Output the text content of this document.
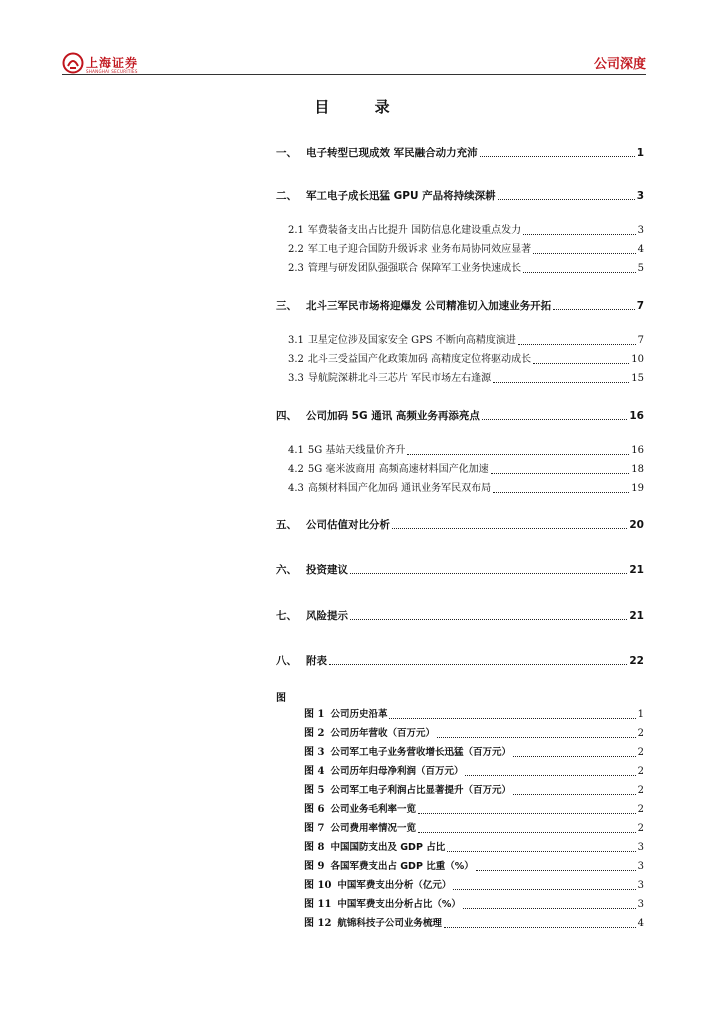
上海证券
SHANGHAI SECURITIES	公司深度
目 录
一、 电子转型已现成效 军民融合动力充沛	1
二、 军工电子成长迅猛 GPU 产品将持续深耕	3
2.1 军费装备支出占比提升 国防信息化建设重点发力	3
2.2 军工电子迎合国防升级诉求 业务布局协同效应显著	4
2.3 管理与研发团队强强联合 保障军工业务快速成长	5
三、 北斗三军民市场将迎爆发 公司精准切入加速业务开拓	7
3.1 卫星定位涉及国家安全 GPS 不断向高精度演进	7
3.2 北斗三受益国产化政策加码 高精度定位将驱动成长	10
3.3 导航院深耕北斗三芯片 军民市场左右逢源	15
四、 公司加码 5G 通讯 高频业务再添亮点	16
4.1 5G 基站天线量价齐升	16
4.2 5G 毫米波商用 高频高速材料国产化加速	18
4.3 高频材料国产化加码 通讯业务军民双布局	19
五、 公司估值对比分析	20
六、 投资建议	21
七、 风险提示	21
八、 附表	22
图
图 1 公司历史沿革	1
图 2 公司历年营收（百万元）	2
图 3 公司军工电子业务营收增长迅猛（百万元）	2
图 4 公司历年归母净利润（百万元）	2
图 5 公司军工电子利润占比显著提升（百万元）	2
图 6 公司业务毛利率一览	2
图 7 公司费用率情况一览	2
图 8 中国国防支出及 GDP 占比	3
图 9 各国军费支出占 GDP 比重（%）	3
图 10 中国军费支出分析（亿元）	3
图 11 中国军费支出分析占比（%）	3
图 12 航锦科技子公司业务梳理	4
